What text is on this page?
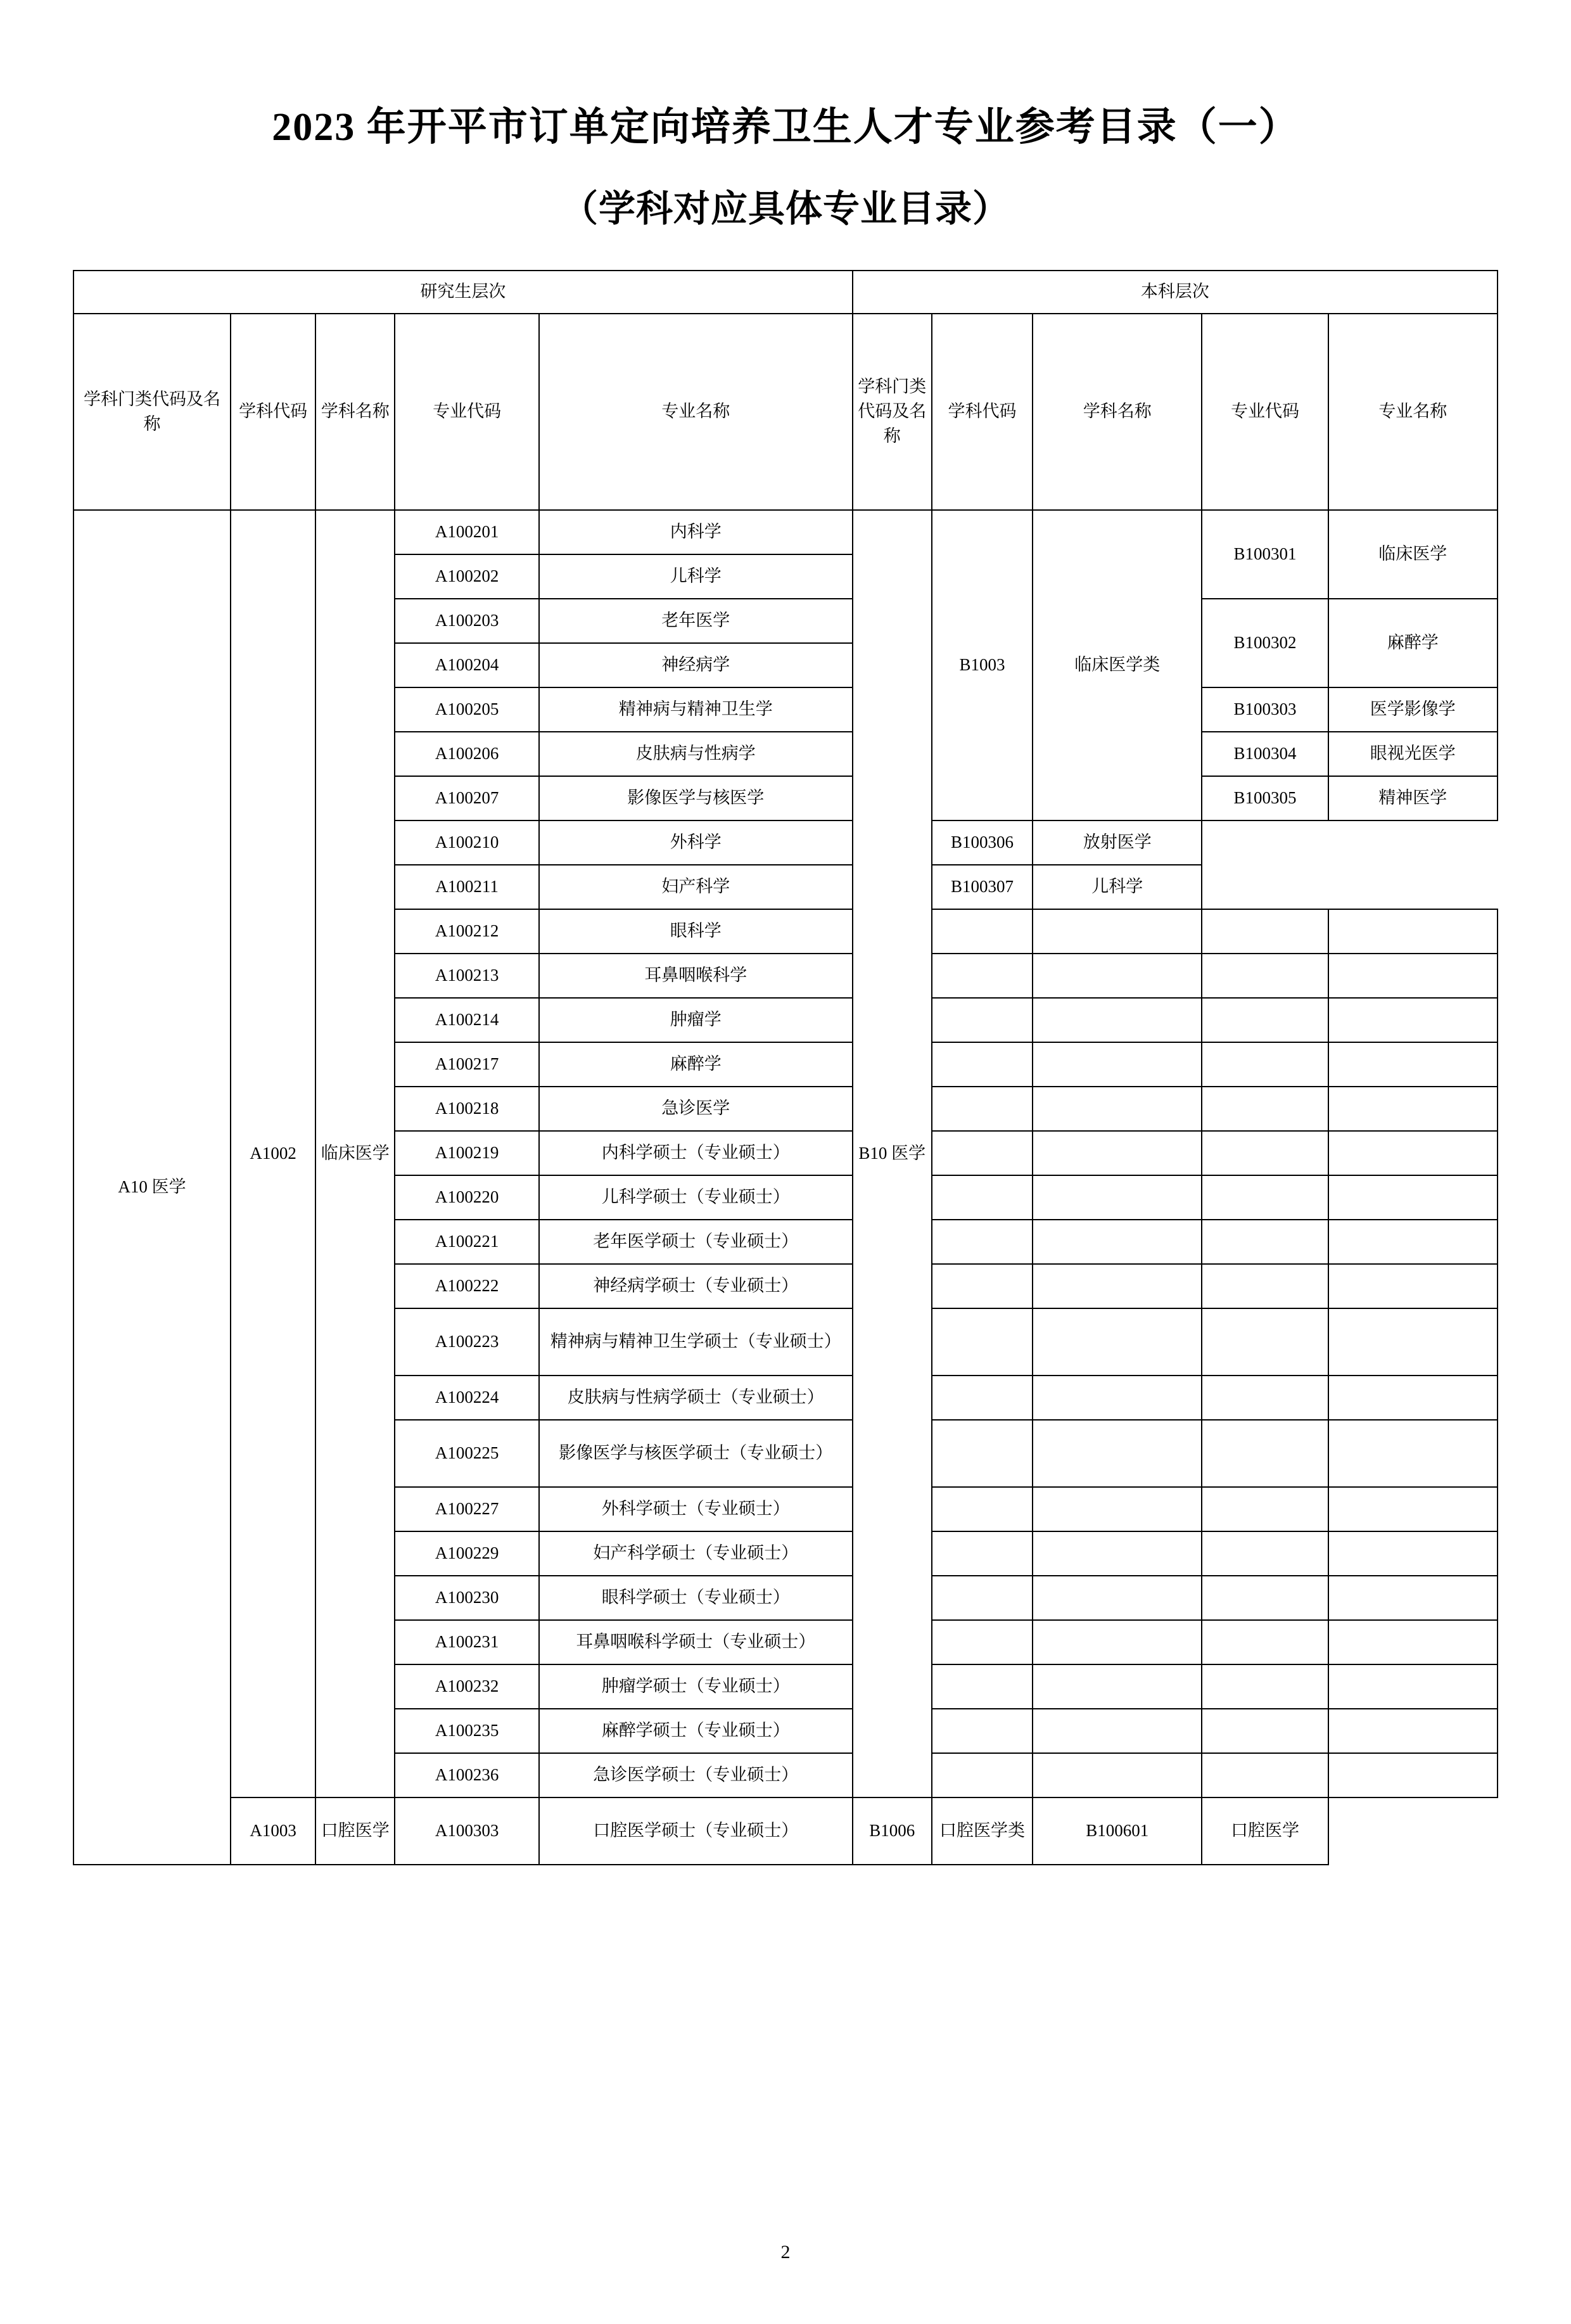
2023 年开平市订单定向培养卫生人才专业参考目录（一）
（学科对应具体专业目录）
研究生层次					本科层次				
学科门类代码及名称	学科代码	学科名称	专业代码	专业名称	学科门类代码及名称	学科代码	学科名称	专业代码	专业名称
A10 医学	A1002	临床医学	A100201	内科学	B10 医学	B1003	临床医学类	B100301	临床医学
			A100202	儿科学					
			A100203	老年医学				B100302	麻醉学
			A100204	神经病学					
			A100205	精神病与精神卫生学				B100303	医学影像学
			A100206	皮肤病与性病学				B100304	眼视光医学
			A100207	影像医学与核医学				B100305	精神医学
			A100210	外科学		B100306	放射医学		
			A100211	妇产科学		B100307	儿科学		
			A100212	眼科学					
			A100213	耳鼻咽喉科学					
			A100214	肿瘤学					
			A100217	麻醉学					
			A100218	急诊医学					
			A100219	内科学硕士（专业硕士）					
			A100220	儿科学硕士（专业硕士）					
			A100221	老年医学硕士（专业硕士）					
			A100222	神经病学硕士（专业硕士）					
			A100223	精神病与精神卫生学硕士（专业硕士）					
			A100224	皮肤病与性病学硕士（专业硕士）					
			A100225	影像医学与核医学硕士（专业硕士）					
			A100227	外科学硕士（专业硕士）					
			A100229	妇产科学硕士（专业硕士）					
			A100230	眼科学硕士（专业硕士）					
			A100231	耳鼻咽喉科学硕士（专业硕士）					
			A100232	肿瘤学硕士（专业硕士）					
			A100235	麻醉学硕士（专业硕士）					
			A100236	急诊医学硕士（专业硕士）					
	A1003	口腔医学	A100303	口腔医学硕士（专业硕士）	B1006	口腔医学类	B100601	口腔医学	
2
